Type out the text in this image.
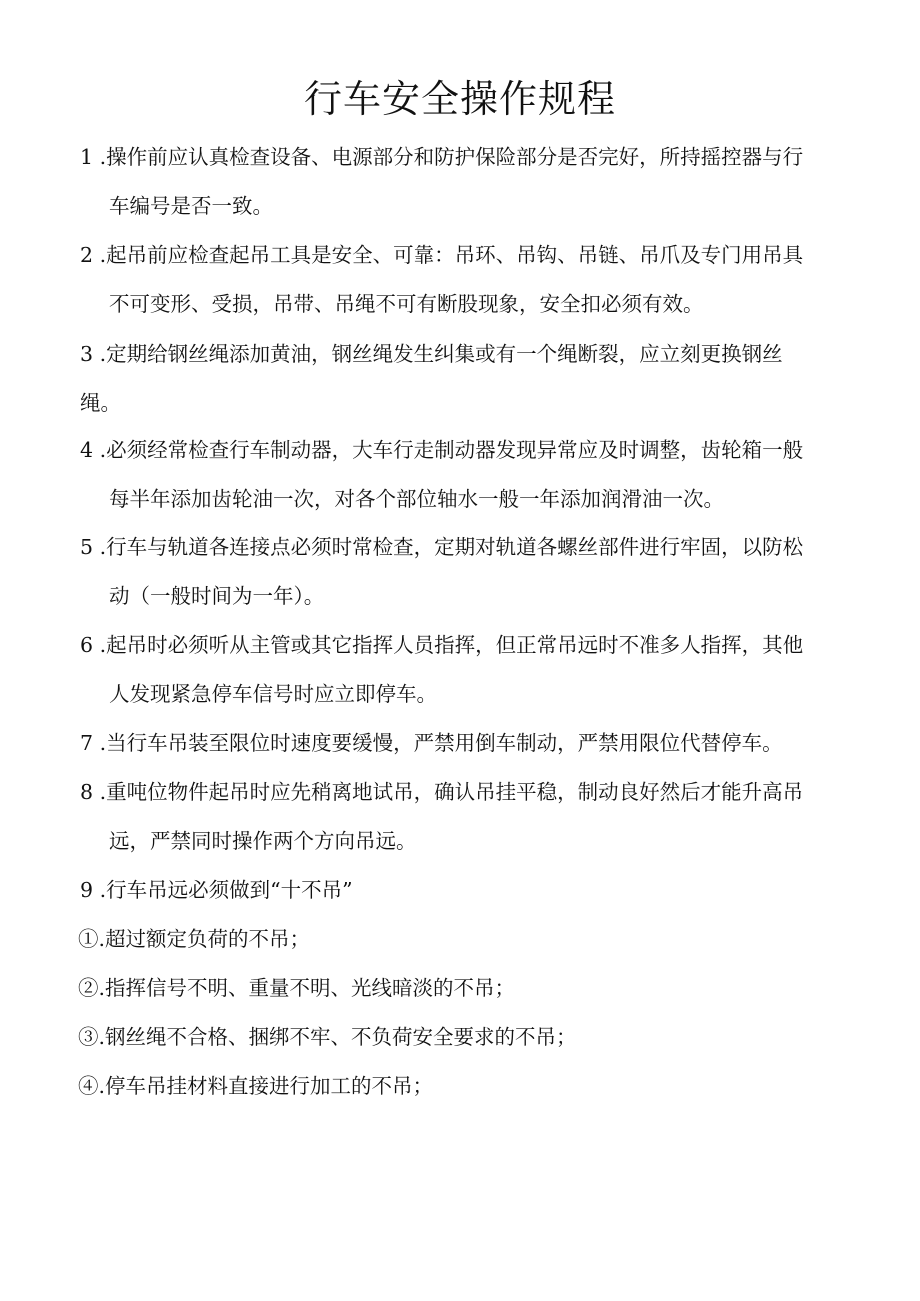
行车安全操作规程
1 .操作前应认真检查设备、电源部分和防护保险部分是否完好，所持摇控器与行
车编号是否一致。
2 .起吊前应检查起吊工具是安全、可靠：吊环、吊钩、吊链、吊爪及专门用吊具
不可变形、受损，吊带、吊绳不可有断股现象，安全扣必须有效。
3 .定期给钢丝绳添加黄油，钢丝绳发生纠集或有一个绳断裂，应立刻更换钢丝
绳。
4 .必须经常检查行车制动器，大车行走制动器发现异常应及时调整，齿轮箱一般
每半年添加齿轮油一次，对各个部位轴水一般一年添加润滑油一次。
5 .行车与轨道各连接点必须时常检查，定期对轨道各螺丝部件进行牢固，以防松
动（一般时间为一年）。
6 .起吊时必须听从主管或其它指挥人员指挥，但正常吊远时不准多人指挥，其他
人发现紧急停车信号时应立即停车。
7 .当行车吊装至限位时速度要缓慢，严禁用倒车制动，严禁用限位代替停车。
8 .重吨位物件起吊时应先稍离地试吊，确认吊挂平稳，制动良好然后才能升高吊
远，严禁同时操作两个方向吊远。
9 .行车吊远必须做到“十不吊”
①.超过额定负荷的不吊；
②.指挥信号不明、重量不明、光线暗淡的不吊；
③.钢丝绳不合格、捆绑不牢、不负荷安全要求的不吊；
④.停车吊挂材料直接进行加工的不吊；
